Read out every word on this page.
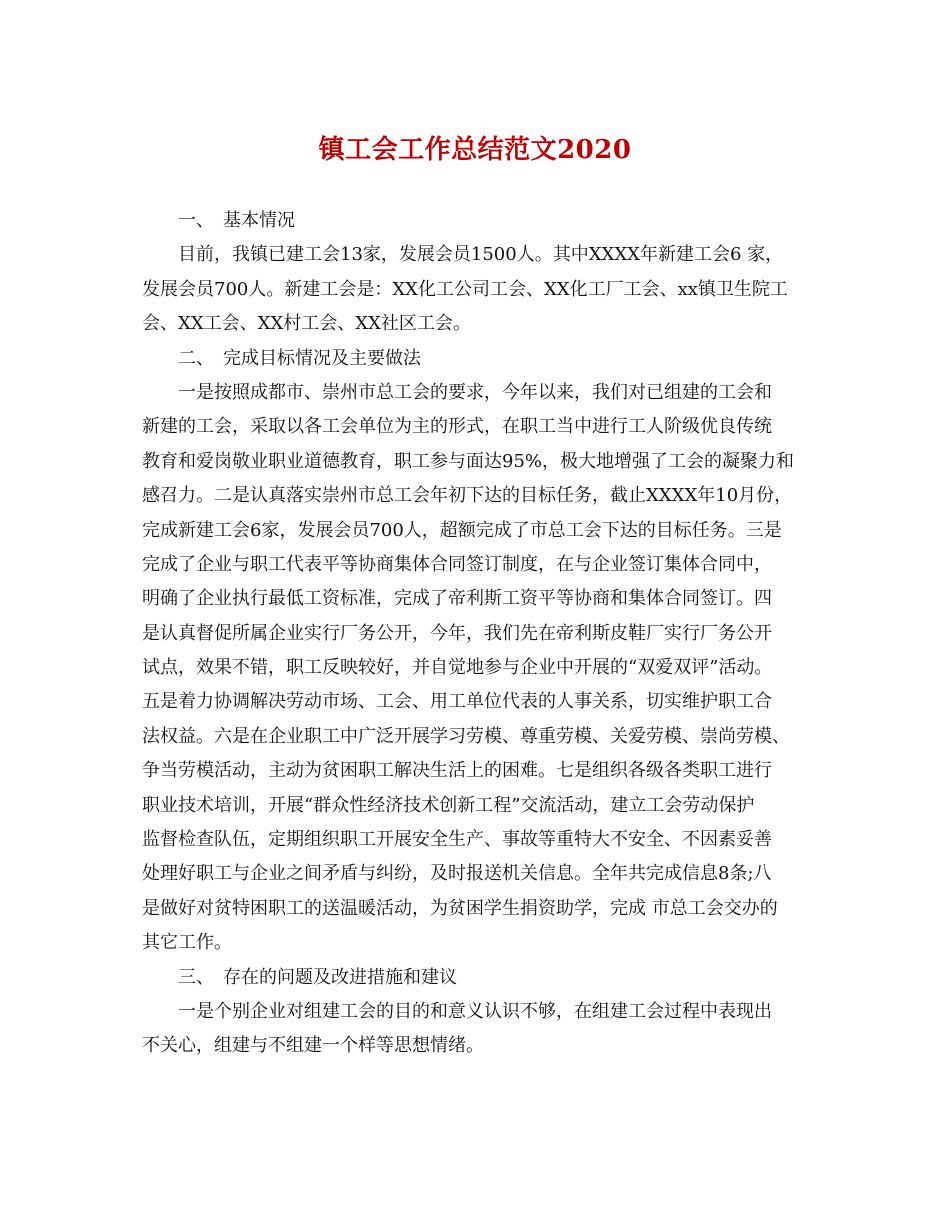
镇工会工作总结范文2020
一、　基本情况
目前，我镇已建工会13家，发展会员1500人。其中XXXX年新建工会6 家，
发展会员700人。新建工会是：XX化工公司工会、XX化工厂工会、xx镇卫生院工
会、XX工会、XX村工会、XX社区工会。
二、　完成目标情况及主要做法
一是按照成都市、崇州市总工会的要求，今年以来，我们对已组建的工会和
新建的工会，采取以各工会单位为主的形式，在职工当中进行工人阶级优良传统
教育和爱岗敬业职业道德教育，职工参与面达95%，极大地增强了工会的凝聚力和
感召力。二是认真落实崇州市总工会年初下达的目标任务，截止XXXX年10月份，
完成新建工会6家，发展会员700人，超额完成了市总工会下达的目标任务。三是
完成了企业与职工代表平等协商集体合同签订制度，在与企业签订集体合同中，
明确了企业执行最低工资标准，完成了帝利斯工资平等协商和集体合同签订。四
是认真督促所属企业实行厂务公开，今年，我们先在帝利斯皮鞋厂实行厂务公开
试点，效果不错，职工反映较好，并自觉地参与企业中开展的“双爱双评”活动。
五是着力协调解决劳动市场、工会、用工单位代表的人事关系，切实维护职工合
法权益。六是在企业职工中广泛开展学习劳模、尊重劳模、关爱劳模、崇尚劳模、
争当劳模活动，主动为贫困职工解决生活上的困难。七是组织各级各类职工进行
职业技术培训，开展“群众性经济技术创新工程”交流活动，建立工会劳动保护
监督检查队伍，定期组织职工开展安全生产、事故等重特大不安全、不因素妥善
处理好职工与企业之间矛盾与纠纷，及时报送机关信息。全年共完成信息8条;八
是做好对贫特困职工的送温暖活动，为贫困学生捐资助学，完成 市总工会交办的
其它工作。
三、　存在的问题及改进措施和建议
一是个别企业对组建工会的目的和意义认识不够，在组建工会过程中表现出
不关心，组建与不组建一个样等思想情绪。
